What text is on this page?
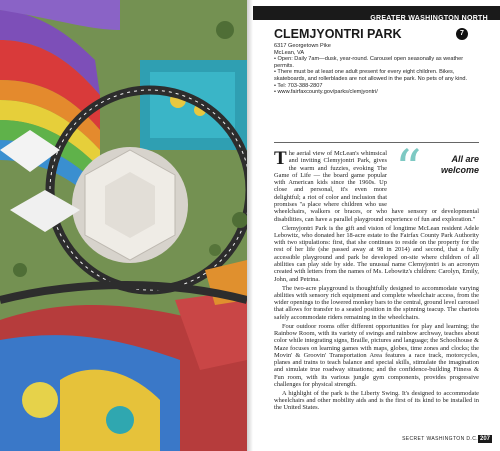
GREATER WASHINGTON NORTH
CLEMJYONTRI PARK	7
6317 Georgetown Pike
McLean, VA
• Open: Daily 7am—dusk, year-round. Carousel open seasonally as weather permits.
• There must be at least one adult present for every eight children. Bikes, skateboards, and rollerblades are not allowed in the park. No pets of any kind.
• Tel: 703-388-2807
• www.fairfaxcounty.gov/parks/clemjyontri/
“	All are welcome

The aerial view of McLean's whimsical and inviting Clemyjontri Park, gives the warm and fuzzies, evoking The Game of Life — the board game popular with American kids since the 1960s. Up close and personal, it's even more delightful; a riot of color and inclusion that promises "a place where children who use wheelchairs, walkers or braces, or who have sensory or developmental disabilities, can have a parallel playground experience of fun and exploration."

Clemyjontri Park is the gift and vision of longtime McLean resident Adele Lebowitz, who donated her 18-acre estate to the Fairfax County Park Authority with two stipulations: first, that she continues to reside on the property for the rest of her life (she passed away at 98 in 2014) and second, that a fully accessible playground and park be developed on-site where children of all abilities can play side by side. The unusual name Clemyjontri is an acronym created with letters from the names of Ms. Lebowitz's children: Carolyn, Emily, John, and Petrina.

The two-acre playground is thoughtfully designed to accommodate varying abilities with sensory rich equipment and complete wheelchair access, from the wider openings to the lowered monkey bars to the central, ground level carousel that allows for transfer to a seated position in the spinning teacup. The chariots safely accommodate riders remaining in the wheelchairs.

Four outdoor rooms offer different opportunities for play and learning; the Rainbow Room, with its variety of swings and rainbow archway, teaches about color while integrating signs, Braille, pictures and language; the Schoolhouse & Maze focuses on learning games with maps, globes, time zones and clocks; the Movin' & Groovin' Transportation Area features a race track, motorcycles, planes and trains to teach balance and special skills, stimulate the imagination and simulate true roadway situations; and the confidence-building Fitness & Fun room, with its various jungle gym components, provides progressive challenges for physical strength.

A highlight of the park is the Liberty Swing. It's designed to accommodate wheelchairs and other mobility aids and is the first of its kind to be installed in the United States.

SECRET WASHINGTON D.C. 207
